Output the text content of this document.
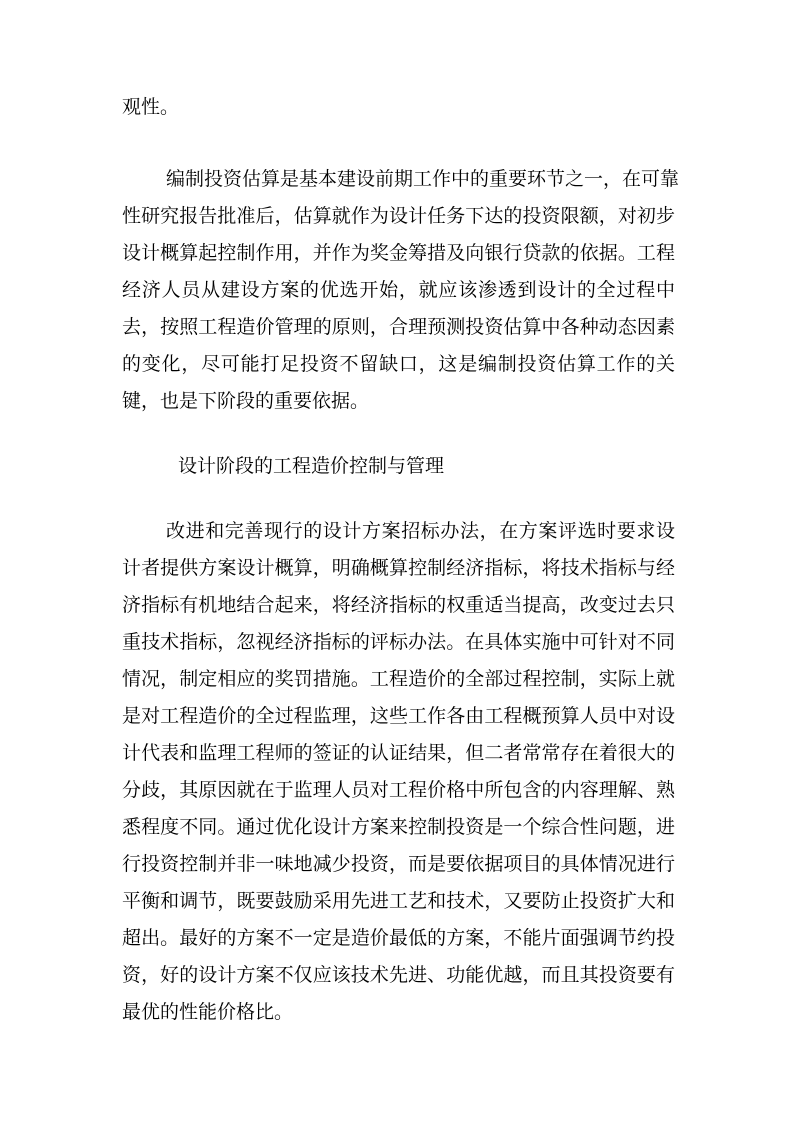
观性。
编制投资估算是基本建设前期工作中的重要环节之一，在可靠
性研究报告批准后，估算就作为设计任务下达的投资限额，对初步
设计概算起控制作用，并作为奖金筹措及向银行贷款的依据。工程
经济人员从建设方案的优选开始，就应该渗透到设计的全过程中
去，按照工程造价管理的原则，合理预测投资估算中各种动态因素
的变化，尽可能打足投资不留缺口，这是编制投资估算工作的关
键，也是下阶段的重要依据。
设计阶段的工程造价控制与管理
改进和完善现行的设计方案招标办法，在方案评选时要求设
计者提供方案设计概算，明确概算控制经济指标，将技术指标与经
济指标有机地结合起来，将经济指标的权重适当提高，改变过去只
重技术指标，忽视经济指标的评标办法。在具体实施中可针对不同
情况，制定相应的奖罚措施。工程造价的全部过程控制，实际上就
是对工程造价的全过程监理，这些工作各由工程概预算人员中对设
计代表和监理工程师的签证的认证结果，但二者常常存在着很大的
分歧，其原因就在于监理人员对工程价格中所包含的内容理解、熟
悉程度不同。通过优化设计方案来控制投资是一个综合性问题，进
行投资控制并非一味地减少投资，而是要依据项目的具体情况进行
平衡和调节，既要鼓励采用先进工艺和技术，又要防止投资扩大和
超出。最好的方案不一定是造价最低的方案，不能片面强调节约投
资，好的设计方案不仅应该技术先进、功能优越，而且其投资要有
最优的性能价格比。
